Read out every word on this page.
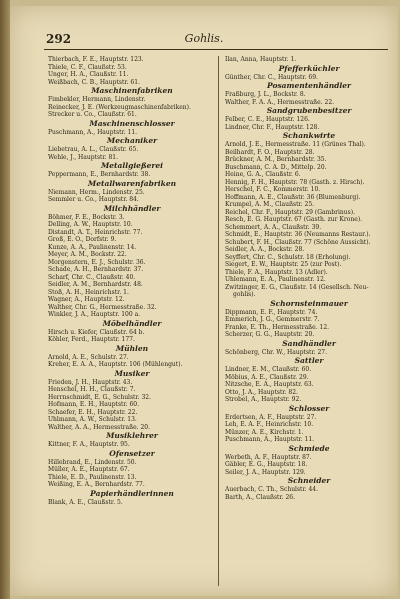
292	Gohlis.
Thierbach, F. E., Hauptstr. 123.
Thiele, C. F., Claußstr. 53.
Unger, H. A., Claußstr. 11.
Weißbach, C. B., Hauptstr. 61.
Maschinenfabriken
Fimbekler, Hermann, Lindenstr.
Reinecker, J. E. (Werkzeugmaschinenfabriken).
Strecker u. Co., Claußstr. 61.
Maschinenschlosser
Puschmann, A., Hauptstr. 11.
Mechaniker
Liebetrau, A. L., Claußstr. 65.
Wehle, J., Hauptstr. 81.
Metallgießerei
Peppermann, E., Bernhardstr. 38.
Metallwarenfabriken
Niemann, Herm., Lindenstr. 25.
Semmler u. Co., Hauptstr. 84.
Milchhändler
Böhmer, F. E., Bockstr. 3.
Delling, A. W., Hauptstr. 10.
Distandt, A. T., Heinrichstr. 77.
Groß, E. O., Dorfstr. 9.
Kunze, A. A., Paulinenstr. 14.
Meyer, A. M., Bockstr. 22.
Morgenstern, E. J., Schulstr. 36.
Schade, A. H., Bernhardstr. 37.
Scharf, Chr. C., Claußstr. 40.
Seidler, A. M., Bernhardstr. 48.
Stoß, A. H., Heinrichstr. 1.
Wagner, A., Hauptstr. 12.
Walther, Chr. G., Hermesstraße. 32.
Winkler, J. A., Hauptstr. 100 a.
Möbelhändler
Hirsch u. Kiefer, Claußstr. 64 b.
Köhler, Ferd., Hauptstr. 177.
Mühlen
Arnold, A. E., Schulstr. 27.
Kreher, E. A. A., Hauptstr. 106 (Mühlengut).
Musiker
Frieden, J. H., Hauptstr. 43.
Henschel, H. H., Claußstr. 7.
Herrnschmidt, E. G., Schulstr. 32.
Hofmann, E. H., Hauptstr. 60.
Schaefer, E. H., Hauptstr. 22.
Uhlmann, A. W., Schulstr. 13.
Walther, A. A., Hermesstraße. 20.
Musiklehrer
Kittner, F. A., Hauptstr. 95.
Ofensetzer
Hillebrand, E., Lindenstr. 50.
Müller, A. E., Hauptstr. 67.
Thiele, E. D., Paulinenstr. 13.
Weißing, E. A., Bernhardstr. 77.
Papierhändlerinnen
Blank, A. E., Claußstr. 5.
Ilan, Anna, Hauptstr. 1.
Pfefferküchler
Günther, Chr. C., Hauptstr. 69.
Posamentenhändler
Fraßburg, J. L., Bockstr. 8.
Walther, F. A. A., Hermesstraße. 22.
Sandgrubenbesitzer
Felber, C. E., Hauptstr. 126.
Lindner, Chr. F., Hauptstr. 128.
Schankwirte
Arnold, J. E., Hermesstraße. 11 (Grünes Thal).
Beilhardt, F. O., Hauptstr. 28.
Brückner, A. M., Bernhardstr. 35.
Buschmann, C. A. D., Mittelp. 20.
Heine, G. A., Claußstr. 6.
Hennig, F. H., Hauptstr. 78 (Gasth. z. Hirsch).
Herschel, F. C., Kommerstr. 10.
Hoffmann, A. E., Claußstr. 36 (Blumenburg).
Krumpel, A. M., Claußstr. 25.
Reichel, Chr. F., Hauptstr. 29 (Gambrinus).
Resch, E. G. Hauptstr. 67 (Gasth. zur Krone).
Schemmert, A. A., Claußstr. 39.
Schmidt, E., Hauptstr. 36 (Neumanns Restaur.).
Schubert, F. H., Claußstr. 77 (Schöne Aussicht).
Seidler, A. A., Bockstr. 28.
Seyffert, Chr. C., Schulstr. 18 (Erholung).
Siegert, E. W., Hauptstr. 25 (zur Post).
Thiele, F. A., Hauptstr. 13 (Adler).
Uhlemann, E. A., Paulinenstr. 12.
Zwitzinger, E. G., Claußstr. 14 (Gesellsch. Neu-
gohlis).
Schornsteinmauer
Dippmann, E. F., Hauptstr. 74.
Emmerich, J. G., Gemmerstr. 7.
Franke, E. Th., Hermesstraße. 12.
Scherzer, G. G., Hauptstr. 20.
Sandhändler
Schönberg, Chr. W., Hauptstr. 27.
Sattler
Lindner, E. M., Claußstr. 60.
Möbius, A. E., Claußstr. 29.
Nitzsche, E. A., Hauptstr. 63.
Otto, J. A., Hauptstr. 82.
Strobel, A., Hauptstr. 92.
Schlosser
Erdertsen, A. F., Hauptstr. 27.
Leh, E. A. F., Heinrichstr. 10.
Münzer, A. E., Kirchstr. 1.
Puschmann, A., Hauptstr. 11.
Schmiede
Werbeth, A. F., Hauptstr. 87.
Gäbler, E. G., Hauptstr. 18.
Seiler, J. A., Hauptstr. 129.
Schneider
Auerbach, C. Th., Schulstr. 44.
Barth, A., Claußstr. 26.
